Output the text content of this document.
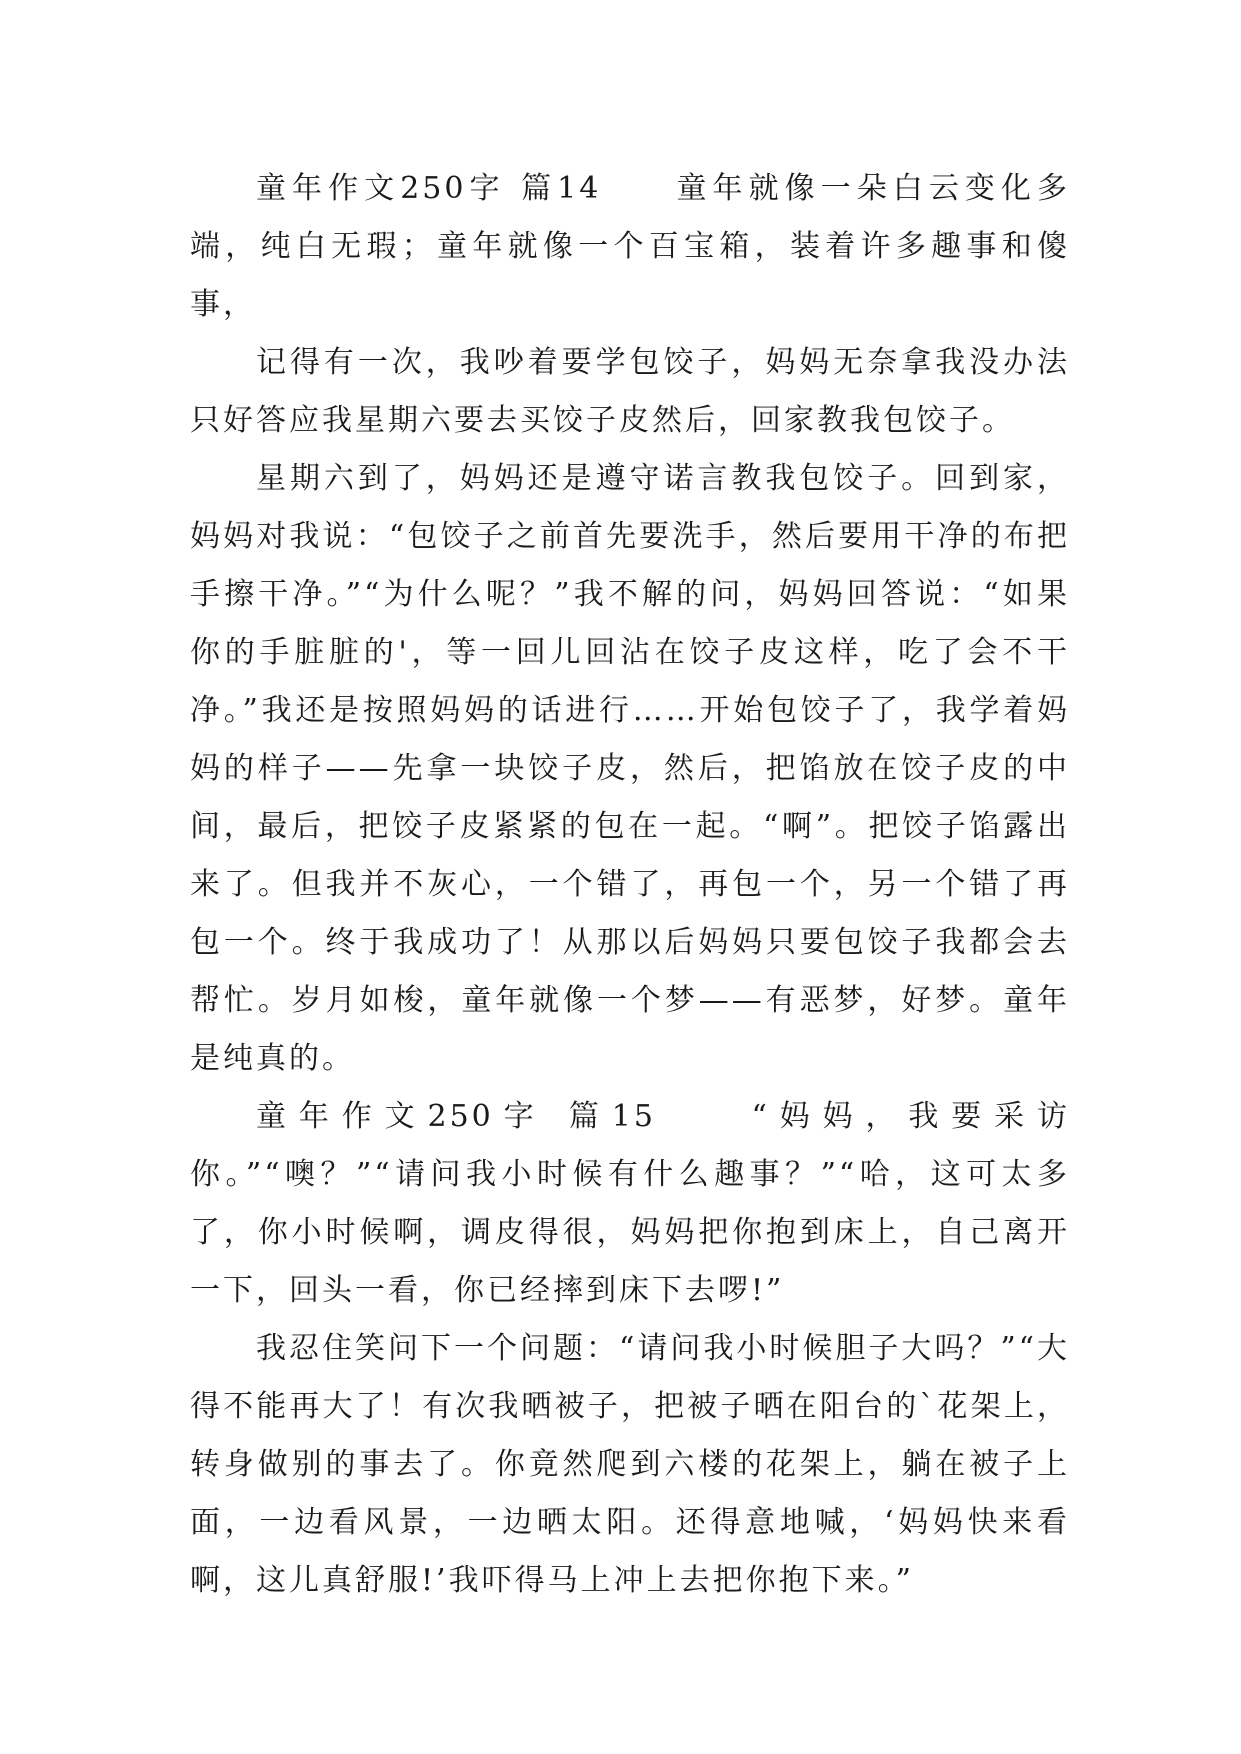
童年作文250字 篇14　　童年就像一朵白云变化多端，纯白无瑕；童年就像一个百宝箱，装着许多趣事和傻事，

记得有一次，我吵着要学包饺子，妈妈无奈拿我没办法只好答应我星期六要去买饺子皮然后，回家教我包饺子。

星期六到了，妈妈还是遵守诺言教我包饺子。回到家，妈妈对我说：“包饺子之前首先要洗手，然后要用干净的布把手擦干净。”“为什么呢？”我不解的问，妈妈回答说：“如果你的手脏脏的'，等一回儿回沾在饺子皮这样，吃了会不干净。”我还是按照妈妈的话进行……开始包饺子了，我学着妈妈的样子——先拿一块饺子皮，然后，把馅放在饺子皮的中间，最后，把饺子皮紧紧的包在一起。“啊”。把饺子馅露出来了。但我并不灰心，一个错了，再包一个，另一个错了再包一个。终于我成功了！从那以后妈妈只要包饺子我都会去帮忙。岁月如梭，童年就像一个梦——有恶梦，好梦。童年是纯真的。

童年作文250字 篇15　　“妈妈，我要采访你。”“噢？”“请问我小时候有什么趣事？”“哈，这可太多了，你小时候啊，调皮得很，妈妈把你抱到床上，自己离开一下，回头一看，你已经摔到床下去啰!”

我忍住笑问下一个问题：“请问我小时候胆子大吗？”“大得不能再大了！有次我晒被子，把被子晒在阳台的`花架上，转身做别的事去了。你竟然爬到六楼的花架上，躺在被子上面，一边看风景，一边晒太阳。还得意地喊，‘妈妈快来看啊，这儿真舒服!’我吓得马上冲上去把你抱下来。”
